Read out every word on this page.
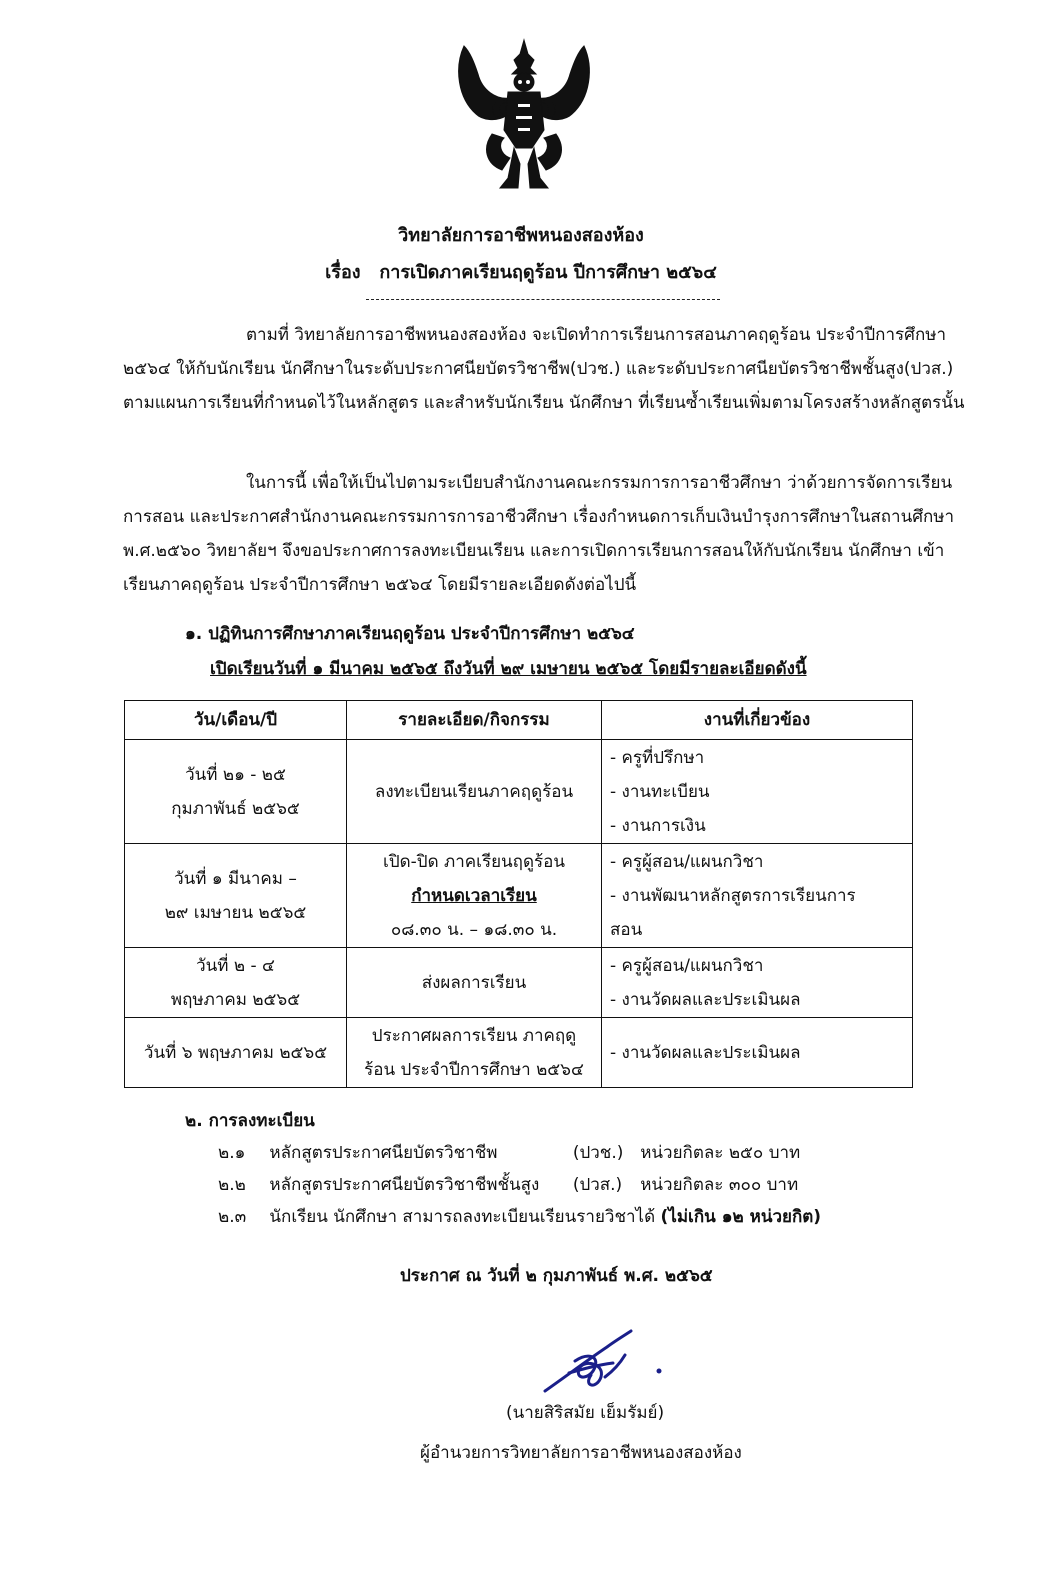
วิทยาลัยการอาชีพหนองสองห้อง
เรื่อง การเปิดภาคเรียนฤดูร้อน ปีการศึกษา ๒๕๖๔
ตามที่ วิทยาลัยการอาชีพหนองสองห้อง จะเปิดทำการเรียนการสอนภาคฤดูร้อน ประจำปีการศึกษา ๒๕๖๔ ให้กับนักเรียน นักศึกษาในระดับประกาศนียบัตรวิชาชีพ(ปวช.) และระดับประกาศนียบัตรวิชาชีพชั้นสูง(ปวส.) ตามแผนการเรียนที่กำหนดไว้ในหลักสูตร และสำหรับนักเรียน นักศึกษา ที่เรียนซ้ำเรียนเพิ่มตามโครงสร้างหลักสูตรนั้น
ในการนี้ เพื่อให้เป็นไปตามระเบียบสำนักงานคณะกรรมการการอาชีวศึกษา ว่าด้วยการจัดการเรียนการสอน และประกาศสำนักงานคณะกรรมการการอาชีวศึกษา เรื่องกำหนดการเก็บเงินบำรุงการศึกษาในสถานศึกษา พ.ศ.๒๕๖๐ วิทยาลัยฯ จึงขอประกาศการลงทะเบียนเรียน และการเปิดการเรียนการสอนให้กับนักเรียน นักศึกษา เข้าเรียนภาคฤดูร้อน ประจำปีการศึกษา ๒๕๖๔ โดยมีรายละเอียดดังต่อไปนี้
๑. ปฏิทินการศึกษาภาคเรียนฤดูร้อน ประจำปีการศึกษา ๒๕๖๔
เปิดเรียนวันที่ ๑ มีนาคม ๒๕๖๕ ถึงวันที่ ๒๙ เมษายน ๒๕๖๕ โดยมีรายละเอียดดังนี้
วัน/เดือน/ปี	รายละเอียด/กิจกรรม	งานที่เกี่ยวข้อง

วันที่ ๒๑ - ๒๕
กุมภาพันธ์ ๒๕๖๕	ลงทะเบียนเรียนภาคฤดูร้อน	- ครูที่ปรึกษา
- งานทะเบียน
- งานการเงิน

วันที่ ๑ มีนาคม –
๒๙ เมษายน ๒๕๖๕	เปิด-ปิด ภาคเรียนฤดูร้อน
กำหนดเวลาเรียน
๐๘.๓๐ น. – ๑๘.๓๐ น.	- ครูผู้สอน/แผนกวิชา
- งานพัฒนาหลักสูตรการเรียนการ
สอน

วันที่ ๒ - ๔
พฤษภาคม ๒๕๖๕	ส่งผลการเรียน	- ครูผู้สอน/แผนกวิชา
- งานวัดผลและประเมินผล

วันที่ ๖ พฤษภาคม ๒๕๖๕	ประกาศผลการเรียน ภาคฤดู
ร้อน ประจำปีการศึกษา ๒๕๖๔	- งานวัดผลและประเมินผล
๒. การลงทะเบียน
๒.๑ หลักสูตรประกาศนียบัตรวิชาชีพ	(ปวช.) หน่วยกิตละ ๒๕๐ บาท
๒.๒ หลักสูตรประกาศนียบัตรวิชาชีพชั้นสูง (ปวส.) หน่วยกิตละ ๓๐๐ บาท
๒.๓ นักเรียน นักศึกษา สามารถลงทะเบียนเรียนรายวิชาได้ (ไม่เกิน ๑๒ หน่วยกิต)
ประกาศ ณ วันที่ ๒ กุมภาพันธ์ พ.ศ. ๒๕๖๕
(นายสิริสมัย เย็มรัมย์)
ผู้อำนวยการวิทยาลัยการอาชีพหนองสองห้อง
